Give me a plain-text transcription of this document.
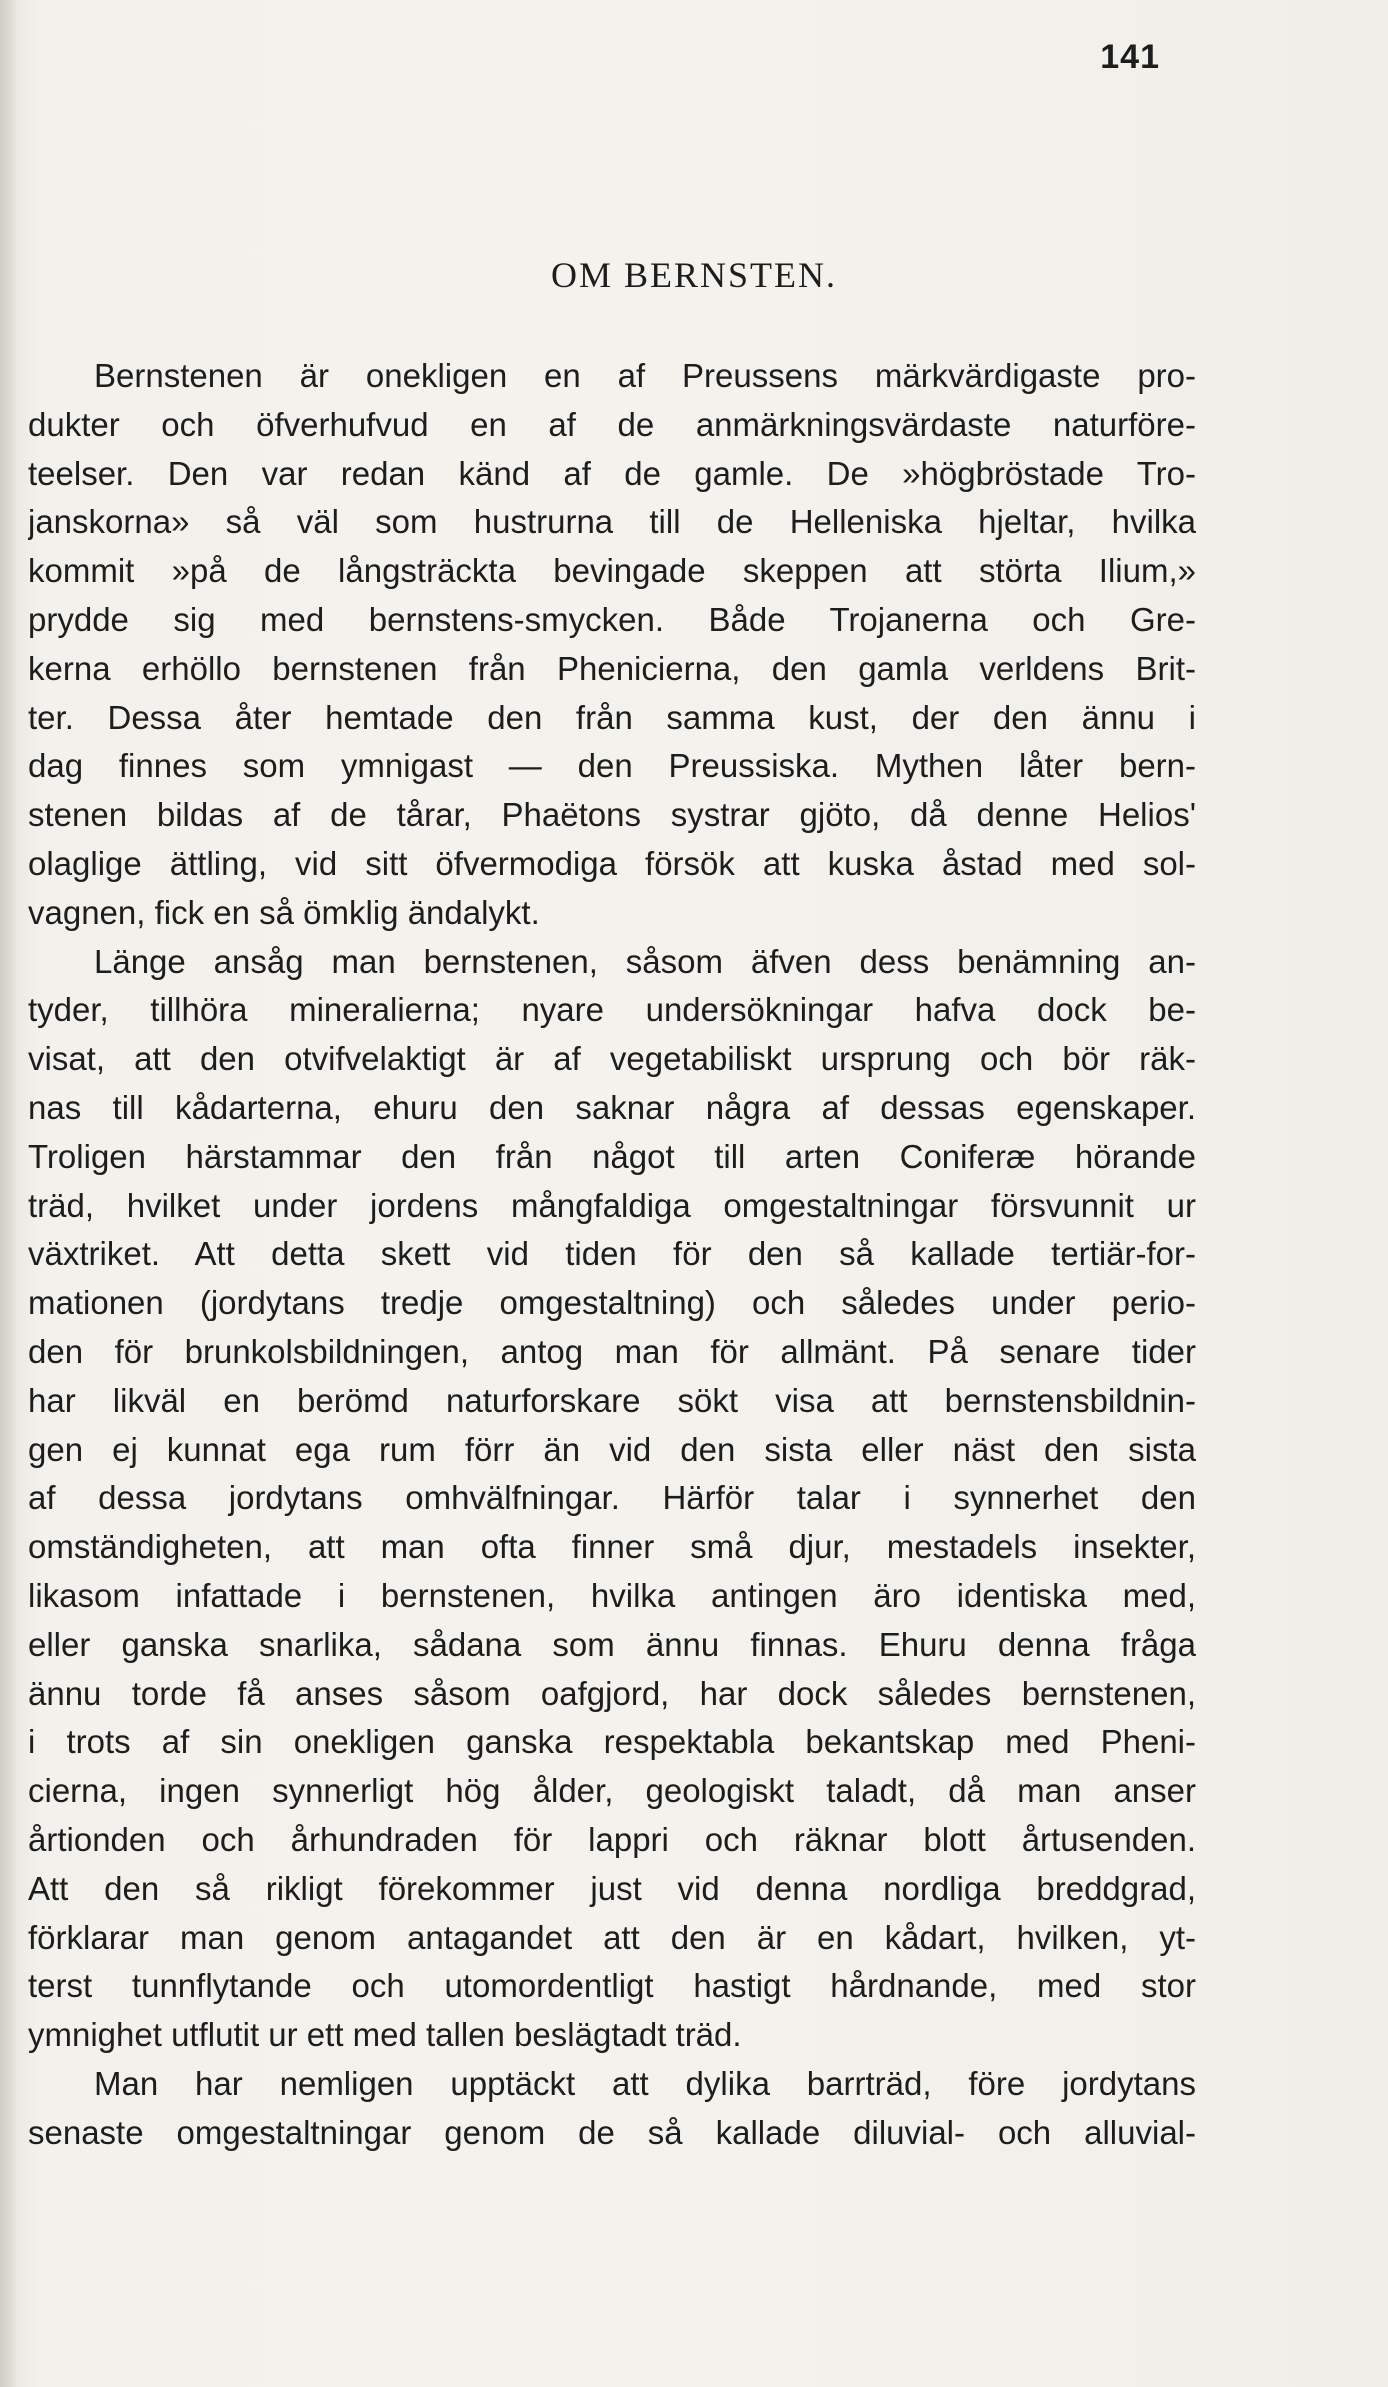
141
OM BERNSTEN.
Bernstenen är onekligen en af Preussens märkvärdigaste pro-
dukter och öfverhufvud en af de anmärkningsvärdaste naturföre-
teelser. Den var redan känd af de gamle. De »högbröstade Tro-
janskorna» så väl som hustrurna till de Helleniska hjeltar, hvilka
kommit »på de långsträckta bevingade skeppen att störta Ilium,»
prydde sig med bernstens-smycken. Både Trojanerna och Gre-
kerna erhöllo bernstenen från Phenicierna, den gamla verldens Brit-
ter. Dessa åter hemtade den från samma kust, der den ännu i
dag finnes som ymnigast — den Preussiska. Mythen låter bern-
stenen bildas af de tårar, Phaëtons systrar gjöto, då denne Helios'
olaglige ättling, vid sitt öfvermodiga försök att kuska åstad med sol-
vagnen, fick en så ömklig ändalykt.
Länge ansåg man bernstenen, såsom äfven dess benämning an-
tyder, tillhöra mineralierna; nyare undersökningar hafva dock be-
visat, att den otvifvelaktigt är af vegetabiliskt ursprung och bör räk-
nas till kådarterna, ehuru den saknar några af dessas egenskaper.
Troligen härstammar den från något till arten Coniferæ hörande
träd, hvilket under jordens mångfaldiga omgestaltningar försvunnit ur
växtriket. Att detta skett vid tiden för den så kallade tertiär-for-
mationen (jordytans tredje omgestaltning) och således under perio-
den för brunkolsbildningen, antog man för allmänt. På senare tider
har likväl en berömd naturforskare sökt visa att bernstensbildnin-
gen ej kunnat ega rum förr än vid den sista eller näst den sista
af dessa jordytans omhvälfningar. Härför talar i synnerhet den
omständigheten, att man ofta finner små djur, mestadels insekter,
likasom infattade i bernstenen, hvilka antingen äro identiska med,
eller ganska snarlika, sådana som ännu finnas. Ehuru denna fråga
ännu torde få anses såsom oafgjord, har dock således bernstenen,
i trots af sin onekligen ganska respektabla bekantskap med Pheni-
cierna, ingen synnerligt hög ålder, geologiskt taladt, då man anser
årtionden och århundraden för lappri och räknar blott årtusenden.
Att den så rikligt förekommer just vid denna nordliga breddgrad,
förklarar man genom antagandet att den är en kådart, hvilken, yt-
terst tunnflytande och utomordentligt hastigt hårdnande, med stor
ymnighet utflutit ur ett med tallen beslägtadt träd.
Man har nemligen upptäckt att dylika barrträd, före jordytans
senaste omgestaltningar genom de så kallade diluvial- och alluvial-
